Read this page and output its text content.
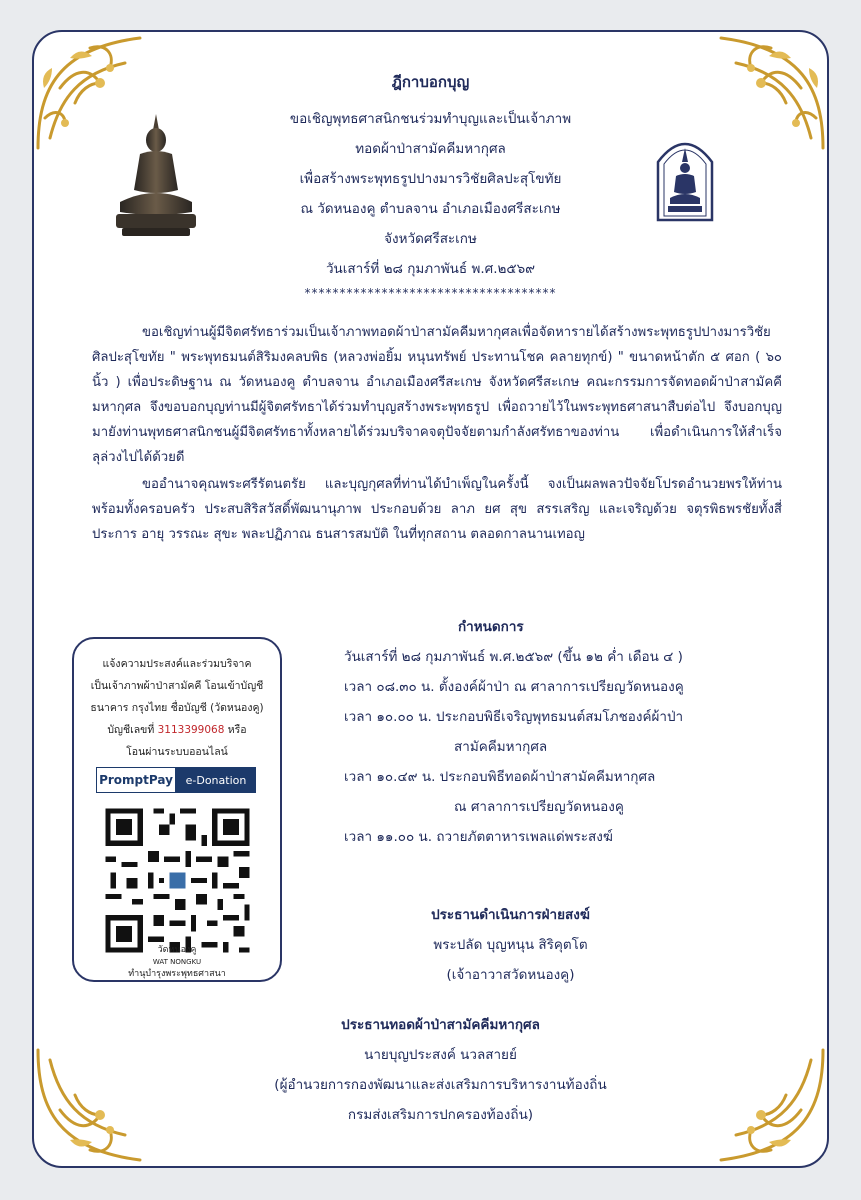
ฎีกาบอกบุญ
ขอเชิญพุทธศาสนิกชนร่วมทำบุญและเป็นเจ้าภาพ
ทอดผ้าป่าสามัคคีมหากุศล
เพื่อสร้างพระพุทธรูปปางมารวิชัยศิลปะสุโขทัย
ณ วัดหนองคู ตำบลจาน อำเภอเมืองศรีสะเกษ
จังหวัดศรีสะเกษ
วันเสาร์ที่ ๒๘ กุมภาพันธ์ พ.ศ.๒๕๖๙
************************************
ขอเชิญท่านผู้มีจิตศรัทธาร่วมเป็นเจ้าภาพทอดผ้าป่าสามัคคีมหากุศลเพื่อจัดหารายได้สร้างพระพุทธรูปปางมารวิชัยศิลปะสุโขทัย " พระพุทธมนต์สิริมงคลบพิธ (หลวงพ่อยิ้ม หนุนทรัพย์ ประทานโชค คลายทุกข์) " ขนาดหน้าตัก ๕ ศอก ( ๖๐ นิ้ว ) เพื่อประดิษฐาน ณ วัดหนองคู ตำบลจาน อำเภอเมืองศรีสะเกษ จังหวัดศรีสะเกษ คณะกรรมการจัดทอดผ้าป่าสามัคคีมหากุศล จึงขอบอกบุญท่านมีผู้จิตศรัทธาได้ร่วมทำบุญสร้างพระพุทธรูป เพื่อถวายไว้ในพระพุทธศาสนาสืบต่อไป จึงบอกบุญมายังท่านพุทธศาสนิกชนผู้มีจิตศรัทธาทั้งหลายได้ร่วมบริจาคจตุปัจจัยตามกำลังศรัทธาของท่าน เพื่อดำเนินการให้สำเร็จลุล่วงไปได้ด้วยดี
ขออำนาจคุณพระศรีรัตนตรัย และบุญกุศลที่ท่านได้บำเพ็ญในครั้งนี้ จงเป็นผลพลวปัจจัยโปรดอำนวยพรให้ท่าน พร้อมทั้งครอบครัว ประสบสิริสวัสดิ์พัฒนานุภาพ ประกอบด้วย ลาภ ยศ สุข สรรเสริญ และเจริญด้วย จตุรพิธพรชัยทั้งสี่ประการ อายุ วรรณะ สุขะ พละปฏิภาณ ธนสารสมบัติ ในที่ทุกสถาน ตลอดกาลนานเทอญ
แจ้งความประสงค์และร่วมบริจาค
เป็นเจ้าภาพผ้าป่าสามัคคี โอนเข้าบัญชี
ธนาคาร กรุงไทย ชื่อบัญชี (วัดหนองคู)
บัญชีเลขที่ 3113399068 หรือ
โอนผ่านระบบออนไลน์
PromptPay	e-Donation
วัดหนองคู
WAT NONGKU
ทำนุบำรุงพระพุทธศาสนา
กำหนดการ
วันเสาร์ที่ ๒๘ กุมภาพันธ์ พ.ศ.๒๕๖๙ (ขึ้น ๑๒ ค่ำ เดือน ๔ )
เวลา ๐๘.๓๐ น. ตั้งองค์ผ้าป่า ณ ศาลาการเปรียญวัดหนองคู
เวลา ๑๐.๐๐ น. ประกอบพิธีเจริญพุทธมนต์สมโภชองค์ผ้าป่า
สามัคคีมหากุศล
เวลา ๑๐.๔๙ น. ประกอบพิธีทอดผ้าป่าสามัคคีมหากุศล
ณ ศาลาการเปรียญวัดหนองคู
เวลา ๑๑.๐๐ น. ถวายภัตตาหารเพลแด่พระสงฆ์
ประธานดำเนินการฝ่ายสงฆ์
พระปลัด บุญหนุน สิริคุตโต
(เจ้าอาวาสวัดหนองคู)
ประธานทอดผ้าป่าสามัคคีมหากุศล
นายบุญประสงค์ นวลสายย์
(ผู้อำนวยการกองพัฒนาและส่งเสริมการบริหารงานท้องถิ่น
กรมส่งเสริมการปกครองท้องถิ่น)
